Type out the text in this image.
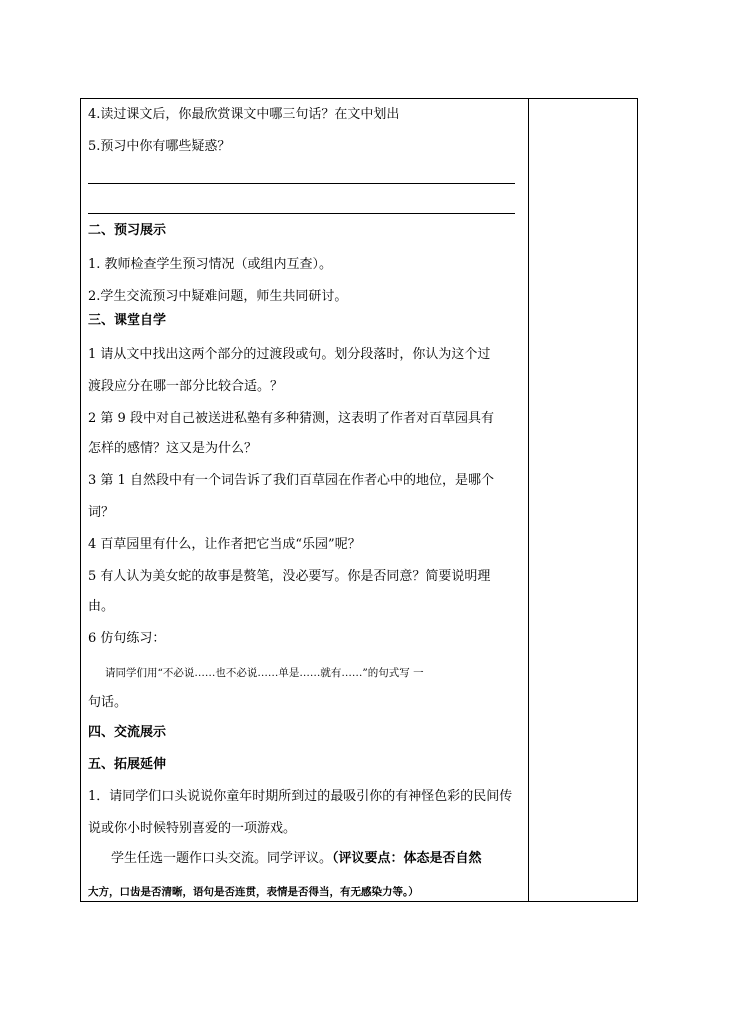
4.读过课文后，你最欣赏课文中哪三句话？在文中划出
5.预习中你有哪些疑惑？
二、预习展示
1. 教师检查学生预习情况（或组内互查）。
2.学生交流预习中疑难问题，师生共同研讨。
三、课堂自学
1 请从文中找出这两个部分的过渡段或句。划分段落时，你认为这个过
渡段应分在哪一部分比较合适。？
2 第 9 段中对自己被送进私塾有多种猜测，这表明了作者对百草园具有
怎样的感情？这又是为什么？
3 第 1 自然段中有一个词告诉了我们百草园在作者心中的地位，是哪个
词？
4 百草园里有什么，让作者把它当成“乐园”呢？
5 有人认为美女蛇的故事是赘笔，没必要写。你是否同意？简要说明理
由。
6 仿句练习：
请同学们用“不必说……也不必说……单是……就有……”的句式写 一
句话。
四、交流展示
五、拓展延伸
1．请同学们口头说说你童年时期所到过的最吸引你的有神怪色彩的民间传
说或你小时候特别喜爱的一项游戏。
学生任选一题作口头交流。同学评议。（评议要点：体态是否自然
大方，口齿是否清晰，语句是否连贯，表情是否得当，有无感染力等。）
